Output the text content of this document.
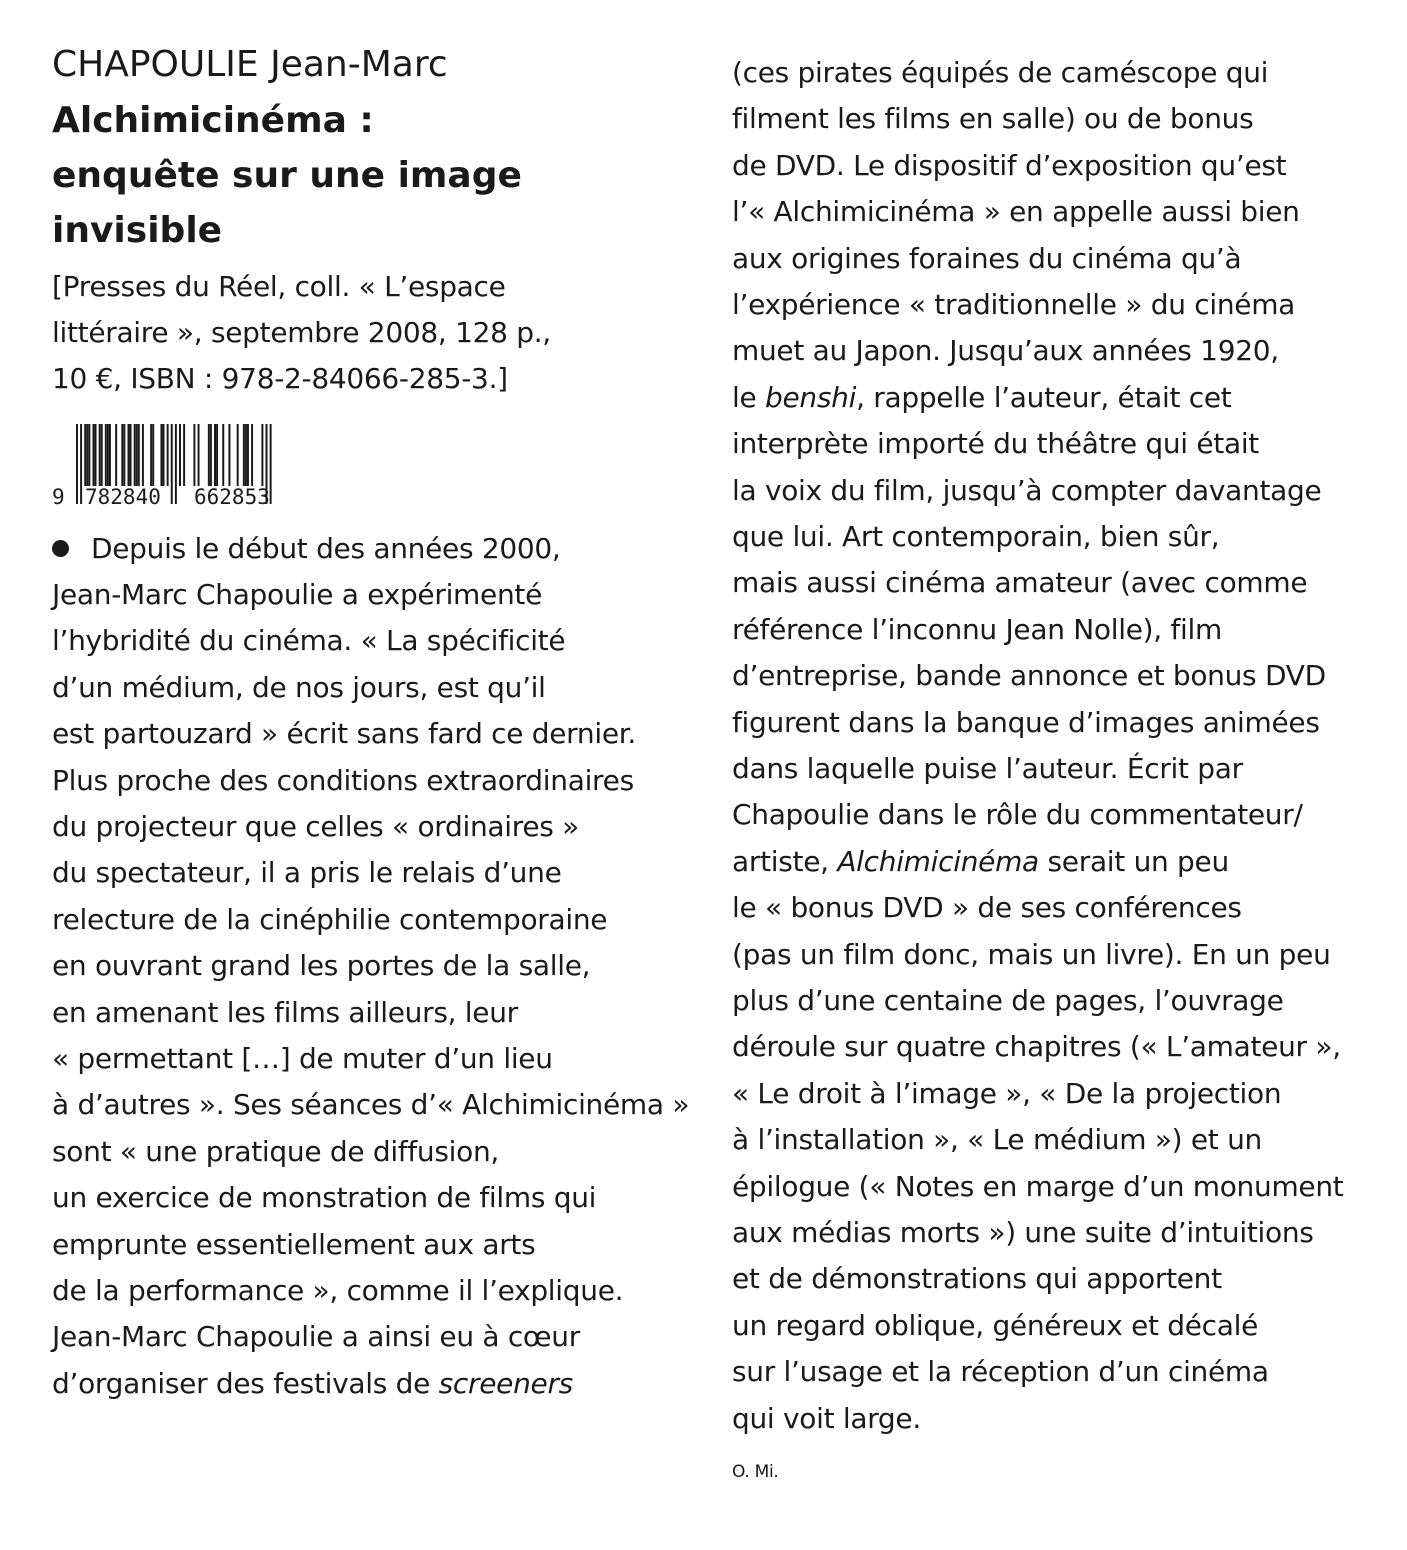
CHAPOULIE Jean-Marc
Alchimicinéma :
enquête sur une image
invisible
[Presses du Réel, coll. « L’espace
littéraire », septembre 2008, 128 p.,
10 €, ISBN : 978-2-84066-285-3.]
9 782840 662853
Depuis le début des années 2000,
Jean-Marc Chapoulie a expérimenté
l’hybridité du cinéma. « La spécificité
d’un médium, de nos jours, est qu’il
est partouzard » écrit sans fard ce dernier.
Plus proche des conditions extraordinaires
du projecteur que celles « ordinaires »
du spectateur, il a pris le relais d’une
relecture de la cinéphilie contemporaine
en ouvrant grand les portes de la salle,
en amenant les films ailleurs, leur
« permettant […] de muter d’un lieu
à d’autres ». Ses séances d’« Alchimicinéma »
sont « une pratique de diffusion,
un exercice de monstration de films qui
emprunte essentiellement aux arts
de la performance », comme il l’explique.
Jean-Marc Chapoulie a ainsi eu à cœur
d’organiser des festivals de screeners
(ces pirates équipés de caméscope qui
filment les films en salle) ou de bonus
de DVD. Le dispositif d’exposition qu’est
l’« Alchimicinéma » en appelle aussi bien
aux origines foraines du cinéma qu’à
l’expérience « traditionnelle » du cinéma
muet au Japon. Jusqu’aux années 1920,
le benshi, rappelle l’auteur, était cet
interprète importé du théâtre qui était
la voix du film, jusqu’à compter davantage
que lui. Art contemporain, bien sûr,
mais aussi cinéma amateur (avec comme
référence l’inconnu Jean Nolle), film
d’entreprise, bande annonce et bonus DVD
figurent dans la banque d’images animées
dans laquelle puise l’auteur. Écrit par
Chapoulie dans le rôle du commentateur/
artiste, Alchimicinéma serait un peu
le « bonus DVD » de ses conférences
(pas un film donc, mais un livre). En un peu
plus d’une centaine de pages, l’ouvrage
déroule sur quatre chapitres (« L’amateur »,
« Le droit à l’image », « De la projection
à l’installation », « Le médium ») et un
épilogue (« Notes en marge d’un monument
aux médias morts ») une suite d’intuitions
et de démonstrations qui apportent
un regard oblique, généreux et décalé
sur l’usage et la réception d’un cinéma
qui voit large.
O. Mi.
